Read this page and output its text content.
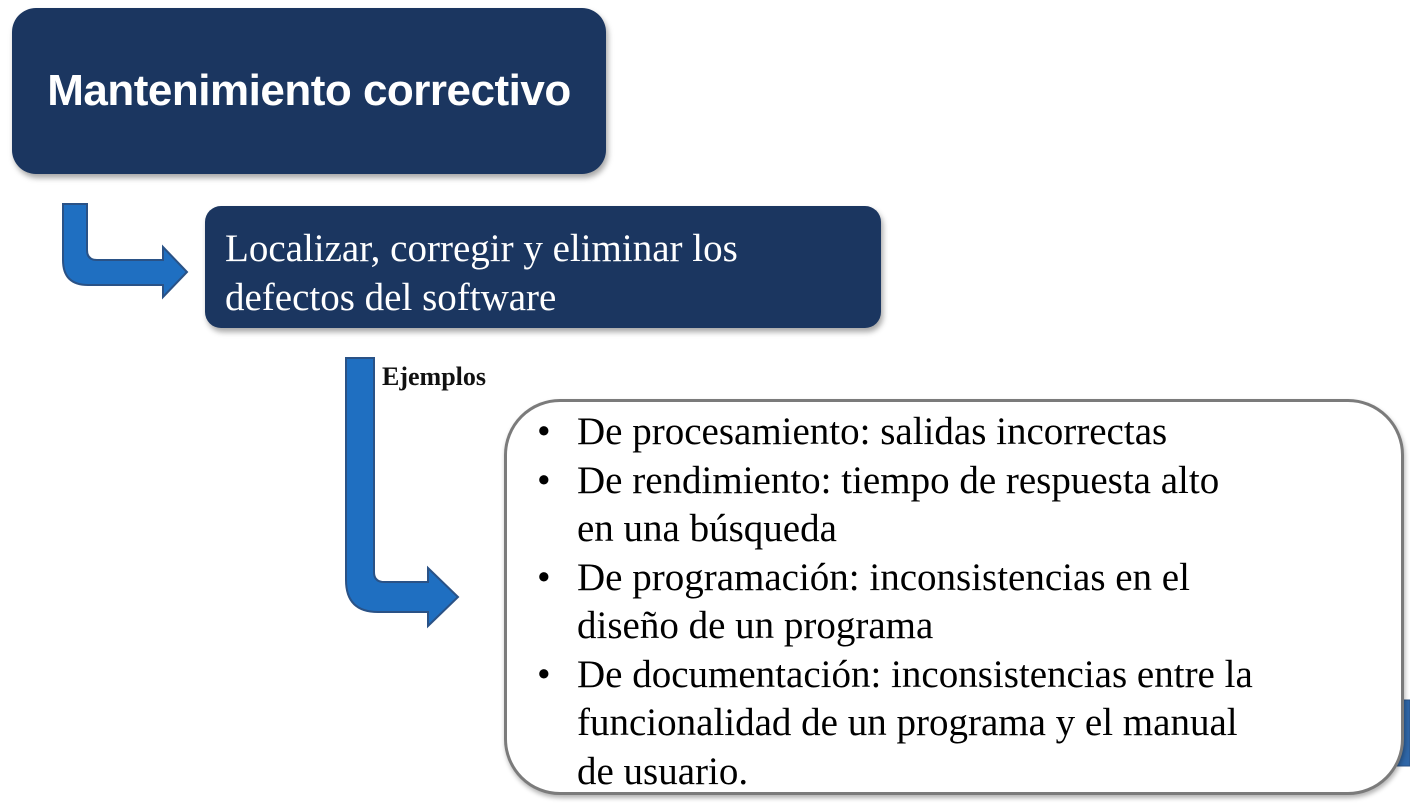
Mantenimiento correctivo
Localizar, corregir y eliminar los
defectos del software
Ejemplos
• De procesamiento: salidas incorrectas
• De rendimiento: tiempo de respuesta alto
en una búsqueda
• De programación: inconsistencias en el
diseño de un programa
• De documentación: inconsistencias entre la
funcionalidad de un programa y el manual
de usuario.
